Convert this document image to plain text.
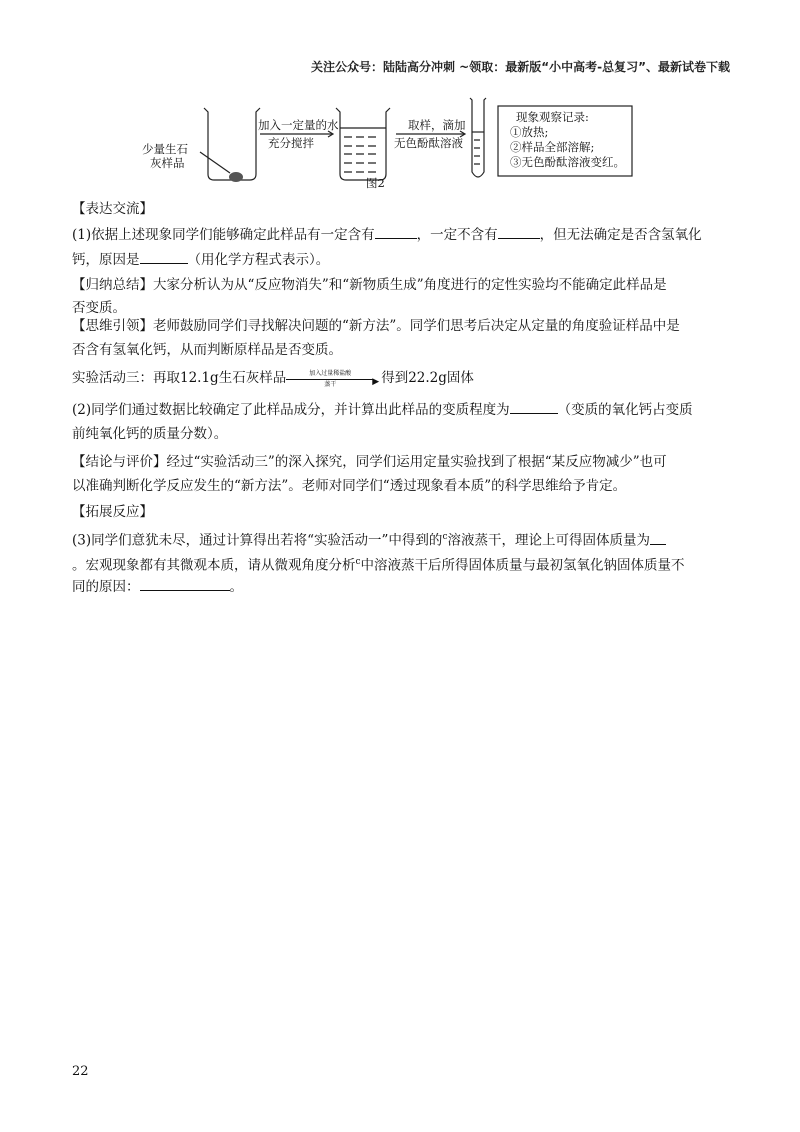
关注公众号：陆陆高分冲刺 ~领取：最新版“小中高考-总复习”、最新试卷下载
少量生石
灰样品
加入一定量的水
充分搅拌
取样，滴加
无色酚酞溶液
现象观察记录:
①放热;
②样品全部溶解;
③无色酚酞溶液变红。
图2
【表达交流】
(1)依据上述现象同学们能够确定此样品有一定含有	，一定不含有	，但无法确定是否含氢氧化
钙，原因是	（用化学方程式表示）。
【归纳总结】大家分析认为从“反应物消失”和“新物质生成”角度进行的定性实验均不能确定此样品是
否变质。
【思维引领】老师鼓励同学们寻找解决问题的“新方法”。同学们思考后决定从定量的角度验证样品中是
否含有氢氧化钙，从而判断原样品是否变质。
实验活动三：再取12.1g生石灰样品	加入过量稀盐酸
▶
蒸干	得到22.2g固体
(2)同学们通过数据比较确定了此样品成分，并计算出此样品的变质程度为	（变质的氧化钙占变质
前纯氧化钙的质量分数）。
【结论与评价】经过“实验活动三”的深入探究，同学们运用定量实验找到了根据“某反应物减少”也可
以准确判断化学反应发生的“新方法”。老师对同学们“透过现象看本质”的科学思维给予肯定。
【拓展反应】
(3)同学们意犹未尽，通过计算得出若将“实验活动一”中得到的$^c$溶液蒸干，理论上可得固体质量为
。宏观现象都有其微观本质，请从微观角度分析$^c$中溶液蒸干后所得固体质量与最初氢氧化钠固体质量不
同的原因：	。
22
